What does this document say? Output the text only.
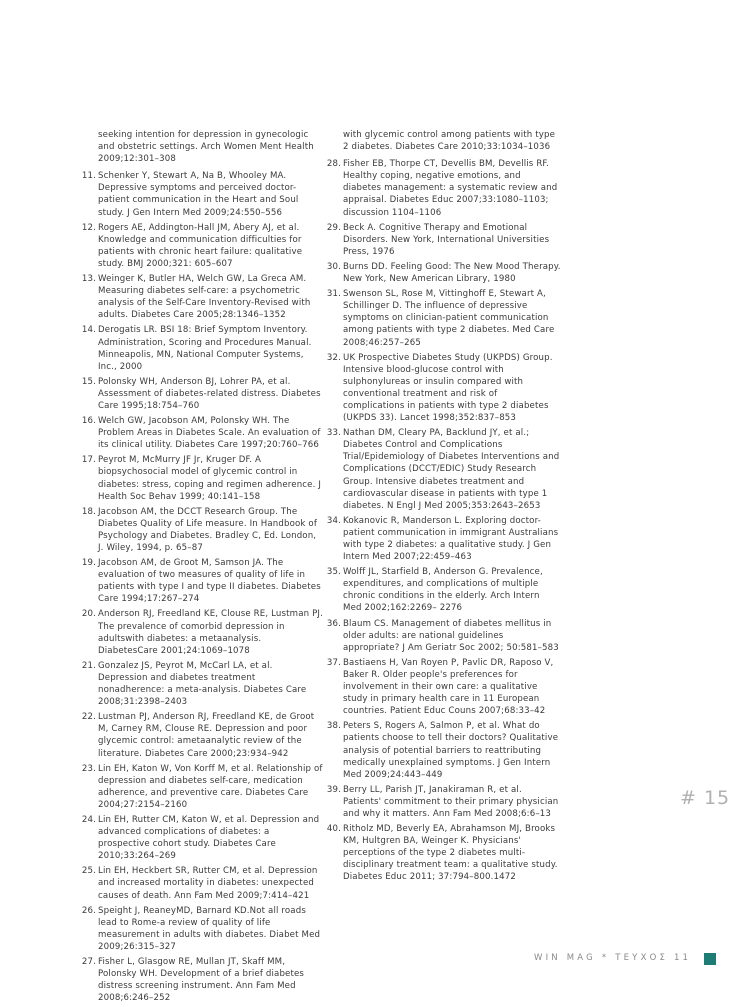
seeking intention for depression in gynecologic and obstetric settings. Arch Women Ment Health 2009;12:301–308
11. Schenker Y, Stewart A, Na B, Whooley MA. Depressive symptoms and perceived doctor-patient communication in the Heart and Soul study. J Gen Intern Med 2009;24:550–556
12. Rogers AE, Addington-Hall JM, Abery AJ, et al. Knowledge and communication difficulties for patients with chronic heart failure: qualitative study. BMJ 2000;321: 605–607
13. Weinger K, Butler HA, Welch GW, La Greca AM. Measuring diabetes self-care: a psychometric analysis of the Self-Care Inventory-Revised with adults. Diabetes Care 2005;28:1346–1352
14. Derogatis LR. BSI 18: Brief Symptom Inventory. Administration, Scoring and Procedures Manual. Minneapolis, MN, National Computer Systems, Inc., 2000
15. Polonsky WH, Anderson BJ, Lohrer PA, et al. Assessment of diabetes-related distress. Diabetes Care 1995;18:754–760
16. Welch GW, Jacobson AM, Polonsky WH. The Problem Areas in Diabetes Scale. An evaluation of its clinical utility. Diabetes Care 1997;20:760–766
17. Peyrot M, McMurry JF Jr, Kruger DF. A biopsychosocial model of glycemic control in diabetes: stress, coping and regimen adherence. J Health Soc Behav 1999; 40:141–158
18. Jacobson AM, the DCCT Research Group. The Diabetes Quality of Life measure. In Handbook of Psychology and Diabetes. Bradley C, Ed. London, J. Wiley, 1994, p. 65–87
19. Jacobson AM, de Groot M, Samson JA. The evaluation of two measures of quality of life in patients with type I and type II diabetes. Diabetes Care 1994;17:267–274
20. Anderson RJ, Freedland KE, Clouse RE, Lustman PJ. The prevalence of comorbid depression in adultswith diabetes: a metaanalysis. DiabetesCare 2001;24:1069–1078
21. Gonzalez JS, Peyrot M, McCarl LA, et al. Depression and diabetes treatment nonadherence: a meta-analysis. Diabetes Care 2008;31:2398–2403
22. Lustman PJ, Anderson RJ, Freedland KE, de Groot M, Carney RM, Clouse RE. Depression and poor glycemic control: ametaanalytic review of the literature. Diabetes Care 2000;23:934–942
23. Lin EH, Katon W, Von Korff M, et al. Relationship of depression and diabetes self-care, medication adherence, and preventive care. Diabetes Care 2004;27:2154–2160
24. Lin EH, Rutter CM, Katon W, et al. Depression and advanced complications of diabetes: a prospective cohort study. Diabetes Care 2010;33:264–269
25. Lin EH, Heckbert SR, Rutter CM, et al. Depression and increased mortality in diabetes: unexpected causes of death. Ann Fam Med 2009;7:414–421
26. Speight J, ReaneyMD, Barnard KD.Not all roads lead to Rome-a review of quality of life measurement in adults with diabetes. Diabet Med 2009;26:315–327
27. Fisher L, Glasgow RE, Mullan JT, Skaff MM, Polonsky WH. Development of a brief diabetes distress screening instrument. Ann Fam Med 2008;6:246–252
with glycemic control among patients with type 2 diabetes. Diabetes Care 2010;33:1034–1036
28. Fisher EB, Thorpe CT, Devellis BM, Devellis RF. Healthy coping, negative emotions, and diabetes management: a systematic review and appraisal. Diabetes Educ 2007;33:1080–1103; discussion 1104–1106
29. Beck A. Cognitive Therapy and Emotional Disorders. New York, International Universities Press, 1976
30. Burns DD. Feeling Good: The New Mood Therapy. New York, New American Library, 1980
31. Swenson SL, Rose M, Vittinghoff E, Stewart A, Schillinger D. The influence of depressive symptoms on clinician-patient communication among patients with type 2 diabetes. Med Care 2008;46:257–265
32. UK Prospective Diabetes Study (UKPDS) Group. Intensive blood-glucose control with sulphonylureas or insulin compared with conventional treatment and risk of complications in patients with type 2 diabetes (UKPDS 33). Lancet 1998;352:837–853
33. Nathan DM, Cleary PA, Backlund JY, et al.; Diabetes Control and Complications Trial/Epidemiology of Diabetes Interventions and Complications (DCCT/EDIC) Study Research Group. Intensive diabetes treatment and cardiovascular disease in patients with type 1 diabetes. N Engl J Med 2005;353:2643–2653
34. Kokanovic R, Manderson L. Exploring doctor-patient communication in immigrant Australians with type 2 diabetes: a qualitative study. J Gen Intern Med 2007;22:459–463
35. Wolff JL, Starfield B, Anderson G. Prevalence, expenditures, and complications of multiple chronic conditions in the elderly. Arch Intern Med 2002;162:2269– 2276
36. Blaum CS. Management of diabetes mellitus in older adults: are national guidelines appropriate? J Am Geriatr Soc 2002; 50:581–583
37. Bastiaens H, Van Royen P, Pavlic DR, Raposo V, Baker R. Older people's preferences for involvement in their own care: a qualitative study in primary health care in 11 European countries. Patient Educ Couns 2007;68:33–42
38. Peters S, Rogers A, Salmon P, et al. What do patients choose to tell their doctors? Qualitative analysis of potential barriers to reattributing medically unexplained symptoms. J Gen Intern Med 2009;24:443–449
39. Berry LL, Parish JT, Janakiraman R, et al. Patients' commitment to their primary physician and why it matters. Ann Fam Med 2008;6:6–13
40. Ritholz MD, Beverly EA, Abrahamson MJ, Brooks KM, Hultgren BA, Weinger K. Physicians' perceptions of the type 2 diabetes multi-disciplinary treatment team: a qualitative study. Diabetes Educ 2011; 37:794–800.1472
# 15
WIN MAG * ΤΕΥΧΟΣ 11
